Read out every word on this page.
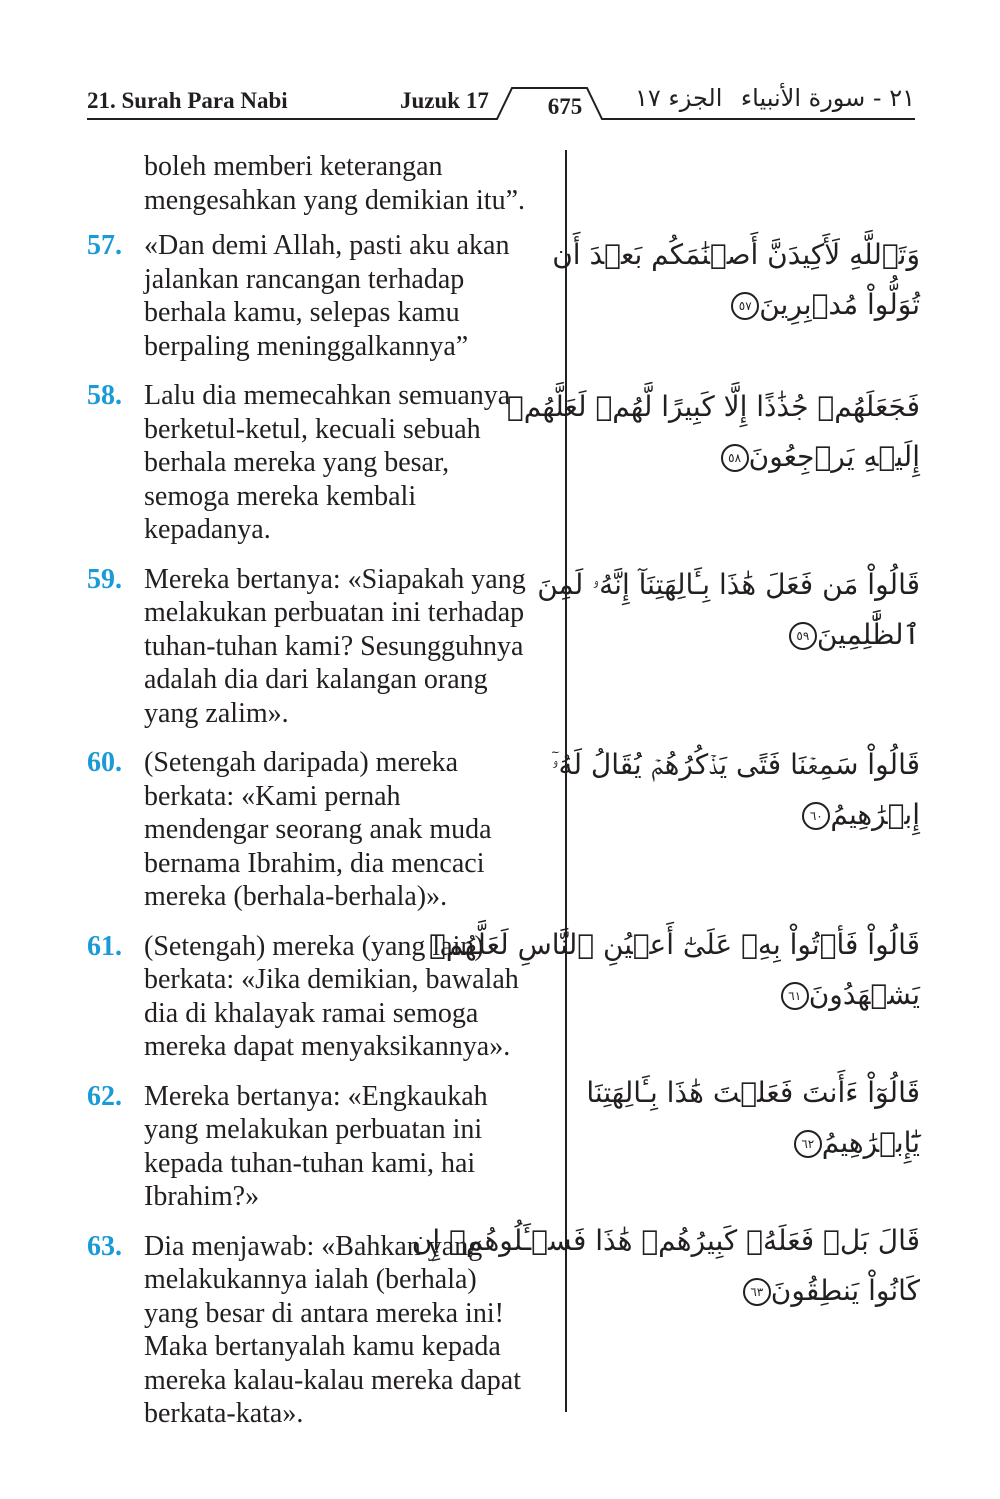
21. Surah Para Nabi	Juzuk 17	675	الجزء ١٧ ٢١ - سورة الأنبياء
boleh memberi keterangan
mengesahkan yang demikian itu”.
57. «Dan demi Allah, pasti aku akan
jalankan rancangan terhadap
berhala kamu, selepas kamu
berpaling meninggalkannya”
58. Lalu dia memecahkan semuanya
berketul-ketul, kecuali sebuah
berhala mereka yang besar,
semoga mereka kembali
kepadanya.
59. Mereka bertanya: «Siapakah yang
melakukan perbuatan ini terhadap
tuhan-tuhan kami? Sesungguhnya
adalah dia dari kalangan orang
yang zalim».
60. (Setengah daripada) mereka
berkata: «Kami pernah
mendengar seorang anak muda
bernama Ibrahim, dia mencaci
mereka (berhala-berhala)».
61. (Setengah) mereka (yang lain)
berkata: «Jika demikian, bawalah
dia di khalayak ramai semoga
mereka dapat menyaksikannya».
62. Mereka bertanya: «Engkaukah
yang melakukan perbuatan ini
kepada tuhan-tuhan kami, hai
Ibrahim?»
63. Dia menjawab: «Bahkan yang
melakukannya ialah (berhala)
yang besar di antara mereka ini!
Maka bertanyalah kamu kepada
mereka kalau-kalau mereka dapat
berkata-kata».
وَتَٱللَّهِ لَأَكِيدَنَّ أَصۡنَٰمَكُم بَعۡدَ أَن
تُوَلُّواْ مُدۡبِرِينَ٥٧
فَجَعَلَهُمۡ جُذَٰذًا إِلَّا كَبِيرًا لَّهُمۡ لَعَلَّهُمۡ
إِلَيۡهِ يَرۡجِعُونَ٥٨
قَالُواْ مَن فَعَلَ هَٰذَا بِـَٔالِهَتِنَآ إِنَّهُۥ لَمِنَ
ٱلظَّٰلِمِينَ٥٩
قَالُواْ سَمِعۡنَا فَتًى يَذۡكُرُهُمۡ يُقَالُ لَهُۥٓ
إِبۡرَٰهِيمُ٦٠
قَالُواْ فَأۡتُواْ بِهِۦ عَلَىٰٓ أَعۡيُنِ ٱلنَّاسِ لَعَلَّهُمۡ
يَشۡهَدُونَ٦١
قَالُوٓاْ ءَأَنتَ فَعَلۡتَ هَٰذَا بِـَٔالِهَتِنَا
يَٰٓإِبۡرَٰهِيمُ٦٢
قَالَ بَلۡ فَعَلَهُۥ كَبِيرُهُمۡ هَٰذَا فَسۡـَٔلُوهُمۡ إِن
كَانُواْ يَنطِقُونَ٦٣
